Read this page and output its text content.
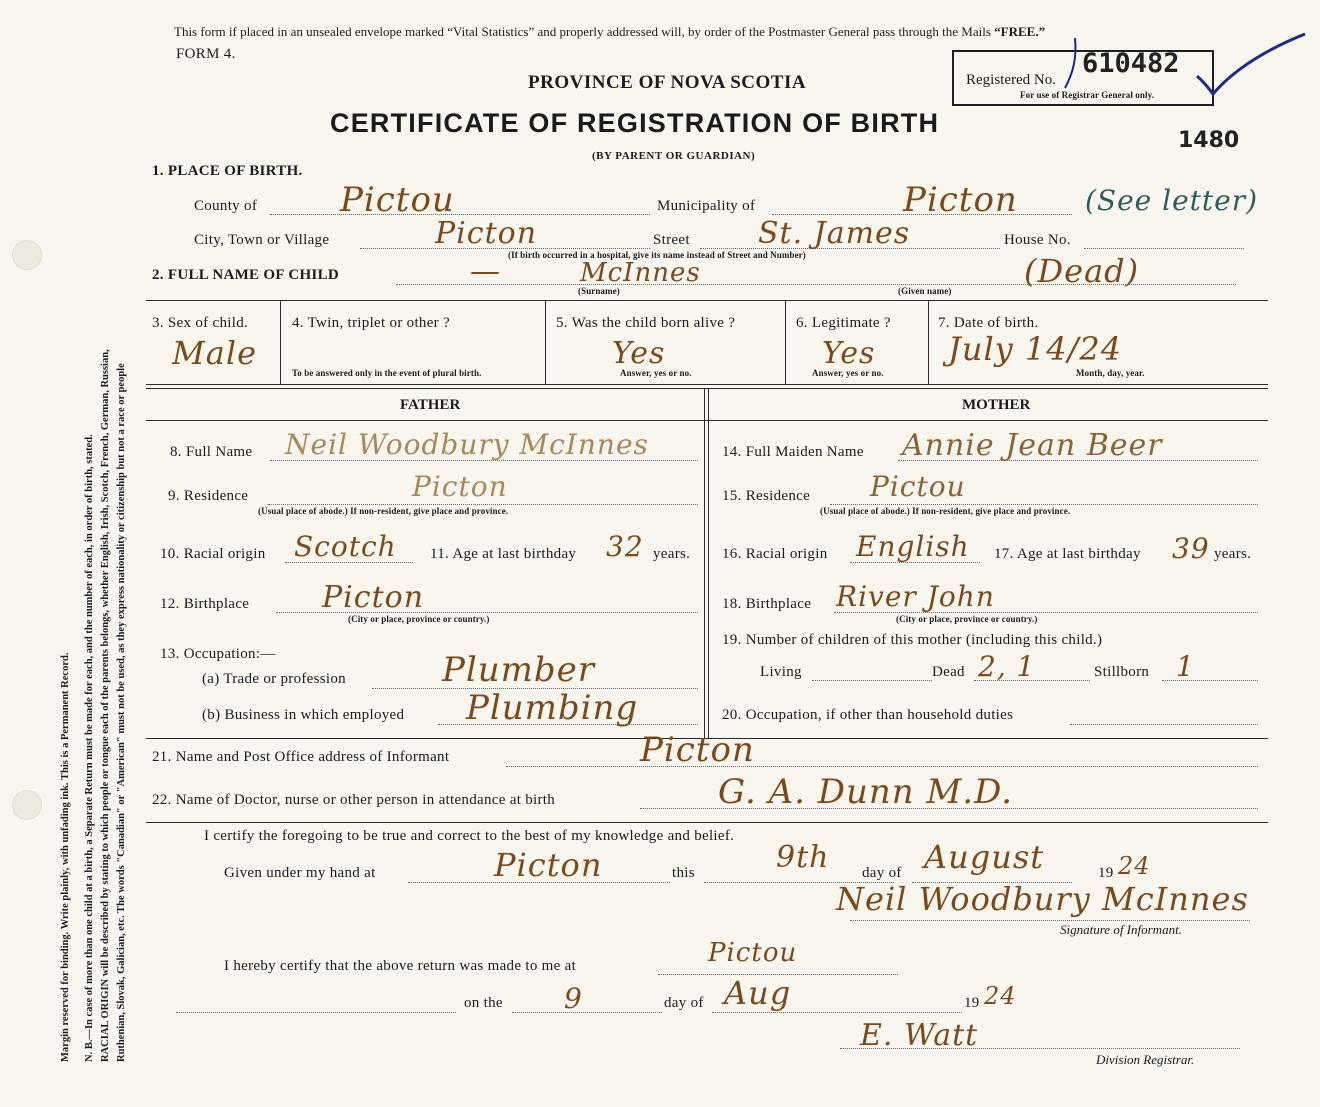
Margin reserved for binding. Write plainly, with unfading ink. This is a Permanent Record. N. B.—In case of more than one child at a birth, a Separate Return must be made for each, and the number of each, in order of birth, stated. RACIAL ORIGIN will be described by stating to which people or tongue each of the parents belongs, whether English, Irish, Scotch, French, German, Russian, Ruthenian, Slovak, Galician, etc. The words "Canadian" or "American" must not be used, as they express nationality or citizenship but not a race or people
This form if placed in an unsealed envelope marked “Vital Statistics” and properly addressed will, by order of the Postmaster General pass through the Mails “FREE.”
FORM 4.
Registered No.
610482
For use of Registrar General only.
PROVINCE OF NOVA SCOTIA
CERTIFICATE OF REGISTRATION OF BIRTH
(BY PARENT OR GUARDIAN)
1480
1. PLACE OF BIRTH.
County of Pictou	Municipality of	Picton (See letter)
City, Town or Village	Picton	Street St. James	House No.
(If birth occurred in a hospital, give its name instead of Street and Number)
2. FULL NAME OF CHILD	—	McInnes	(Dead)
(Surname)	(Given name)
3. Sex of child.
Male
4. Twin, triplet or other ?
To be answered only in the event of plural birth.
5. Was the child born alive ?
Yes
Answer, yes or no.
6. Legitimate ?
Yes
Answer, yes or no.
7. Date of birth.
July 14/24
Month, day, year.
FATHER	MOTHER
8. Full Name Neil Woodbury McInnes
9. Residence	Picton
(Usual place of abode.) If non-resident, give place and province.
10. Racial origin Scotch 11. Age at last birthday 32 years.
12. Birthplace Picton
(City or place, province or country.)
13. Occupation:—
(a) Trade or profession	Plumber
(b) Business in which employed Plumbing
14. Full Maiden Name Annie Jean Beer
15. Residence Pictou
(Usual place of abode.) If non-resident, give place and province.
16. Racial origin English 17. Age at last birthday 39 years.
18. Birthplace River John
(City or place, province or country.)
19. Number of children of this mother (including this child.)
Living	Dead 2, 1	Stillborn 1
20. Occupation, if other than household duties
21. Name and Post Office address of Informant	Picton
22. Name of Doctor, nurse or other person in attendance at birth	G. A. Dunn M.D.
I certify the foregoing to be true and correct to the best of my knowledge and belief.
Given under my hand at	Picton	this	9th day of August	19 24
Neil Woodbury McInnes
Signature of Informant.
I hereby certify that the above return was made to me at	Pictou
on the 9	day of Aug	19 24
E. Watt
Division Registrar.
